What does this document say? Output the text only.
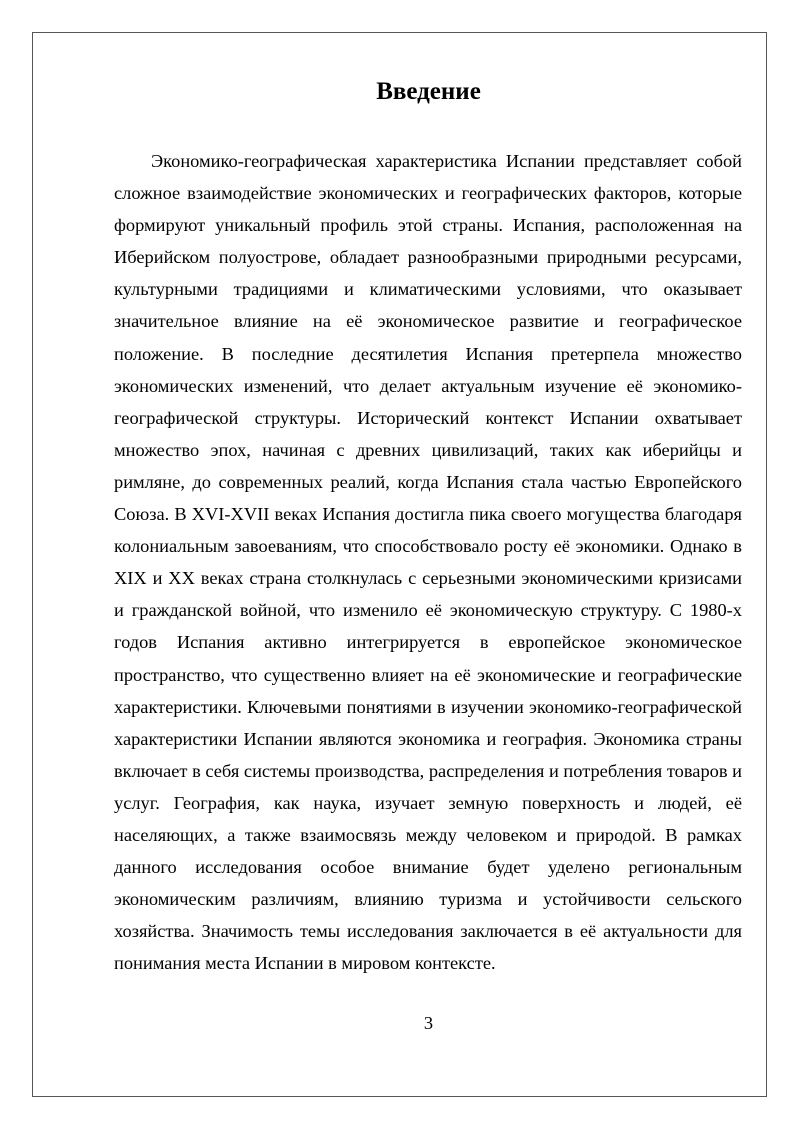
Введение

Экономико-географическая характеристика Испании представляет собой сложное взаимодействие экономических и географических факторов, которые формируют уникальный профиль этой страны. Испания, расположенная на Иберийском полуострове, обладает разнообразными природными ресурсами, культурными традициями и климатическими условиями, что оказывает значительное влияние на её экономическое развитие и географическое положение. В последние десятилетия Испания претерпела множество экономических изменений, что делает актуальным изучение её экономико-географической структуры. Исторический контекст Испании охватывает множество эпох, начиная с древних цивилизаций, таких как иберийцы и римляне, до современных реалий, когда Испания стала частью Европейского Союза. В XVI-XVII веках Испания достигла пика своего могущества благодаря колониальным завоеваниям, что способствовало росту её экономики. Однако в XIX и XX веках страна столкнулась с серьезными экономическими кризисами и гражданской войной, что изменило её экономическую структуру. С 1980-х годов Испания активно интегрируется в европейское экономическое пространство, что существенно влияет на её экономические и географические характеристики. Ключевыми понятиями в изучении экономико-географической характеристики Испании являются экономика и география. Экономика страны включает в себя системы производства, распределения и потребления товаров и услуг. География, как наука, изучает земную поверхность и людей, её населяющих, а также взаимосвязь между человеком и природой. В рамках данного исследования особое внимание будет уделено региональным экономическим различиям, влиянию туризма и устойчивости сельского хозяйства. Значимость темы исследования заключается в её актуальности для понимания места Испании в мировом контексте.

3
